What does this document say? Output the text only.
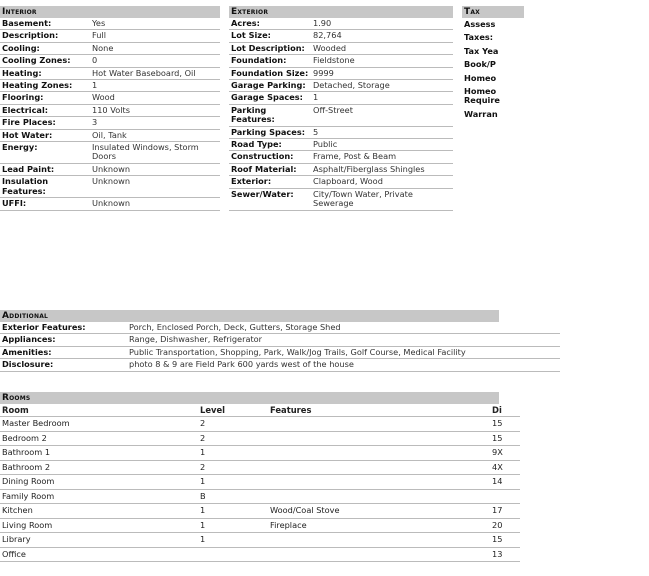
Interior
Basement:	Yes
Description:	Full
Cooling:	None
Cooling Zones:	0
Heating:	Hot Water Baseboard, Oil
Heating Zones:	1
Flooring:	Wood
Electrical:	110 Volts
Fire Places:	3
Hot Water:	Oil, Tank
Energy:	Insulated Windows, Storm Doors
Lead Paint:	Unknown
Insulation Features:	Unknown
UFFI:	Unknown
Exterior
Acres:	1.90
Lot Size:	82,764
Lot Description:	Wooded
Foundation:	Fieldstone
Foundation Size:	9999
Garage Parking:	Detached, Storage
Garage Spaces:	1
Parking Features:	Off-Street
Parking Spaces:	5
Road Type:	Public
Construction:	Frame, Post & Beam
Roof Material:	Asphalt/Fiberglass Shingles
Exterior:	Clapboard, Wood
Sewer/Water:	City/Town Water, Private Sewerage
Tax
Assess
Taxes:
Tax Yea
Book/P
Homeo
Homeo Require
Warran
Additional
Exterior Features:	Porch, Enclosed Porch, Deck, Gutters, Storage Shed
Appliances:	Range, Dishwasher, Refrigerator
Amenities:	Public Transportation, Shopping, Park, Walk/Jog Trails, Golf Course, Medical Facility
Disclosure:	photo 8 & 9 are Field Park 600 yards west of the house
Rooms
Room	Level	Features	Di
Master Bedroom	2		15
Bedroom 2	2		15
Bathroom 1	1		9X
Bathroom 2	2		4X
Dining Room	1		14
Family Room	B		
Kitchen	1	Wood/Coal Stove	17
Living Room	1	Fireplace	20
Library	1		15
Office			13
